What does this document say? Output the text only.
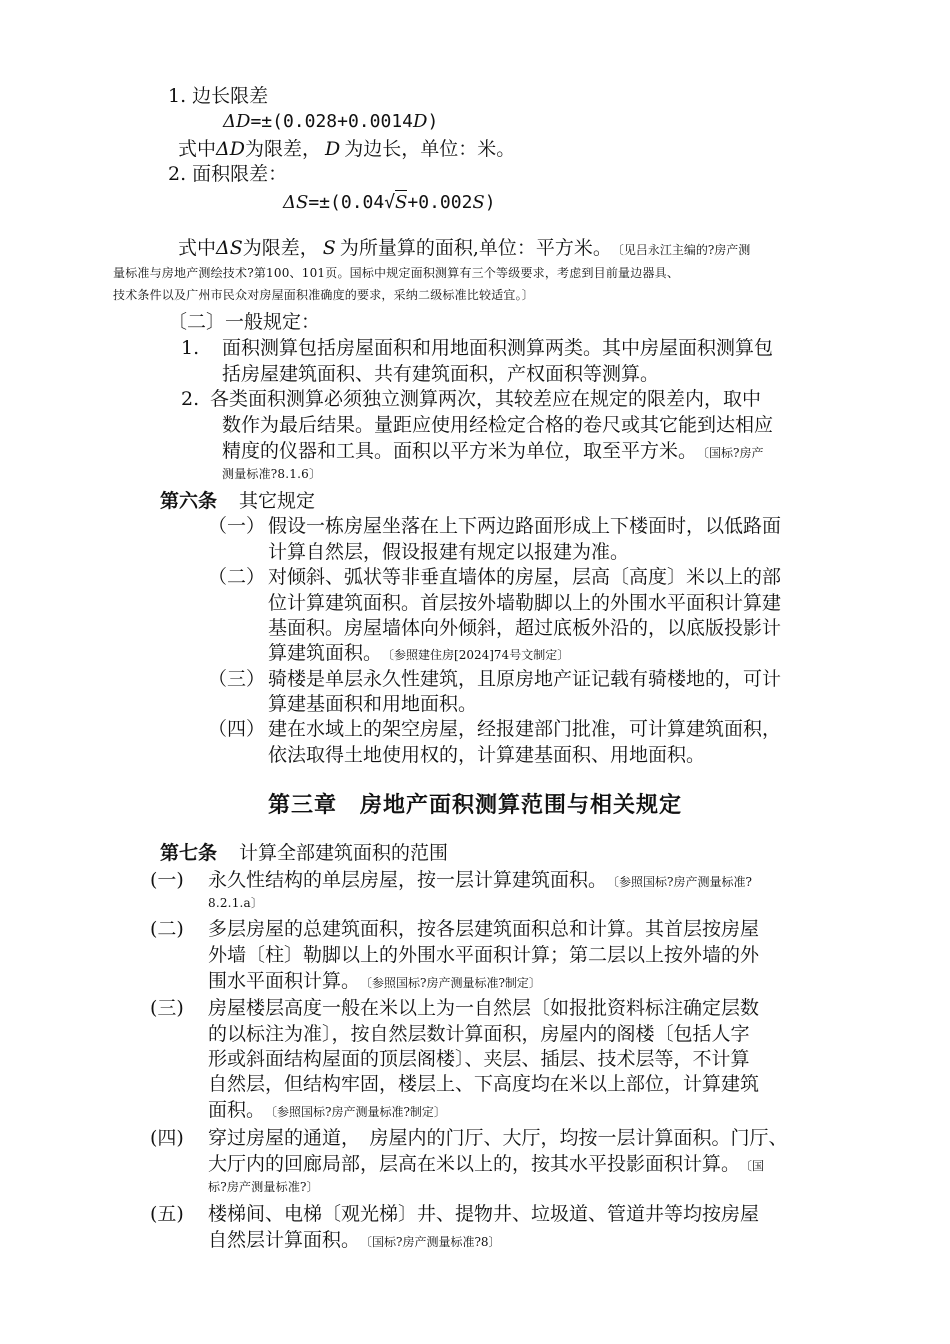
1. 边长限差
ΔD=±(0.028+0.0014D)
式中ΔD为限差， D 为边长，单位：米。
2. 面积限差：
ΔS=±(0.04√S+0.002S)
式中ΔS为限差， S 为所量算的面积,单位：平方米。 〔见吕永江主编的?房产测
量标准与房地产测绘技术?第100、101页。国标中规定面积测算有三个等级要求，考虑到目前量边器具、
技术条件以及广州市民众对房屋面积准确度的要求，采纳二级标准比较适宜。〕
〔二〕一般规定：
1. 面积测算包括房屋面积和用地面积测算两类。其中房屋面积测算包
括房屋建筑面积、共有建筑面积，产权面积等测算。
2. 各类面积测算必须独立测算两次，其较差应在规定的限差内，取中
数作为最后结果。量距应使用经检定合格的卷尺或其它能到达相应
精度的仪器和工具。面积以平方米为单位，取至平方米。 〔国标?房产
测量标准?8.1.6〕
第六条 其它规定
（一） 假设一栋房屋坐落在上下两边路面形成上下楼面时，以低路面
计算自然层，假设报建有规定以报建为准。
（二） 对倾斜、弧状等非垂直墙体的房屋，层高〔高度〕米以上的部
位计算建筑面积。首层按外墙勒脚以上的外围水平面积计算建
基面积。房屋墙体向外倾斜，超过底板外沿的，以底版投影计
算建筑面积。 〔参照建住房[2024]74号文制定〕
（三） 骑楼是单层永久性建筑，且原房地产证记载有骑楼地的，可计
算建基面积和用地面积。
（四） 建在水域上的架空房屋，经报建部门批准，可计算建筑面积，
依法取得土地使用权的，计算建基面积、用地面积。
第三章　房地产面积测算范围与相关规定
第七条 计算全部建筑面积的范围
(一) 永久性结构的单层房屋，按一层计算建筑面积。 〔参照国标?房产测量标准?
8.2.1.a〕
(二) 多层房屋的总建筑面积，按各层建筑面积总和计算。其首层按房屋
外墙〔柱〕勒脚以上的外围水平面积计算；第二层以上按外墙的外
围水平面积计算。 〔参照国标?房产测量标准?制定〕
(三) 房屋楼层高度一般在米以上为一自然层〔如报批资料标注确定层数
的以标注为准〕，按自然层数计算面积，房屋内的阁楼〔包括人字
形或斜面结构屋面的顶层阁楼〕、夹层、插层、技术层等，不计算
自然层，但结构牢固，楼层上、下高度均在米以上部位，计算建筑
面积。 〔参照国标?房产测量标准?制定〕
(四) 穿过房屋的通道，　房屋内的门厅、大厅，均按一层计算面积。门厅、
大厅内的回廊局部，层高在米以上的，按其水平投影面积计算。 〔国
标?房产测量标准?〕
(五) 楼梯间、电梯〔观光梯〕井、提物井、垃圾道、管道井等均按房屋
自然层计算面积。 〔国标?房产测量标准?8〕
